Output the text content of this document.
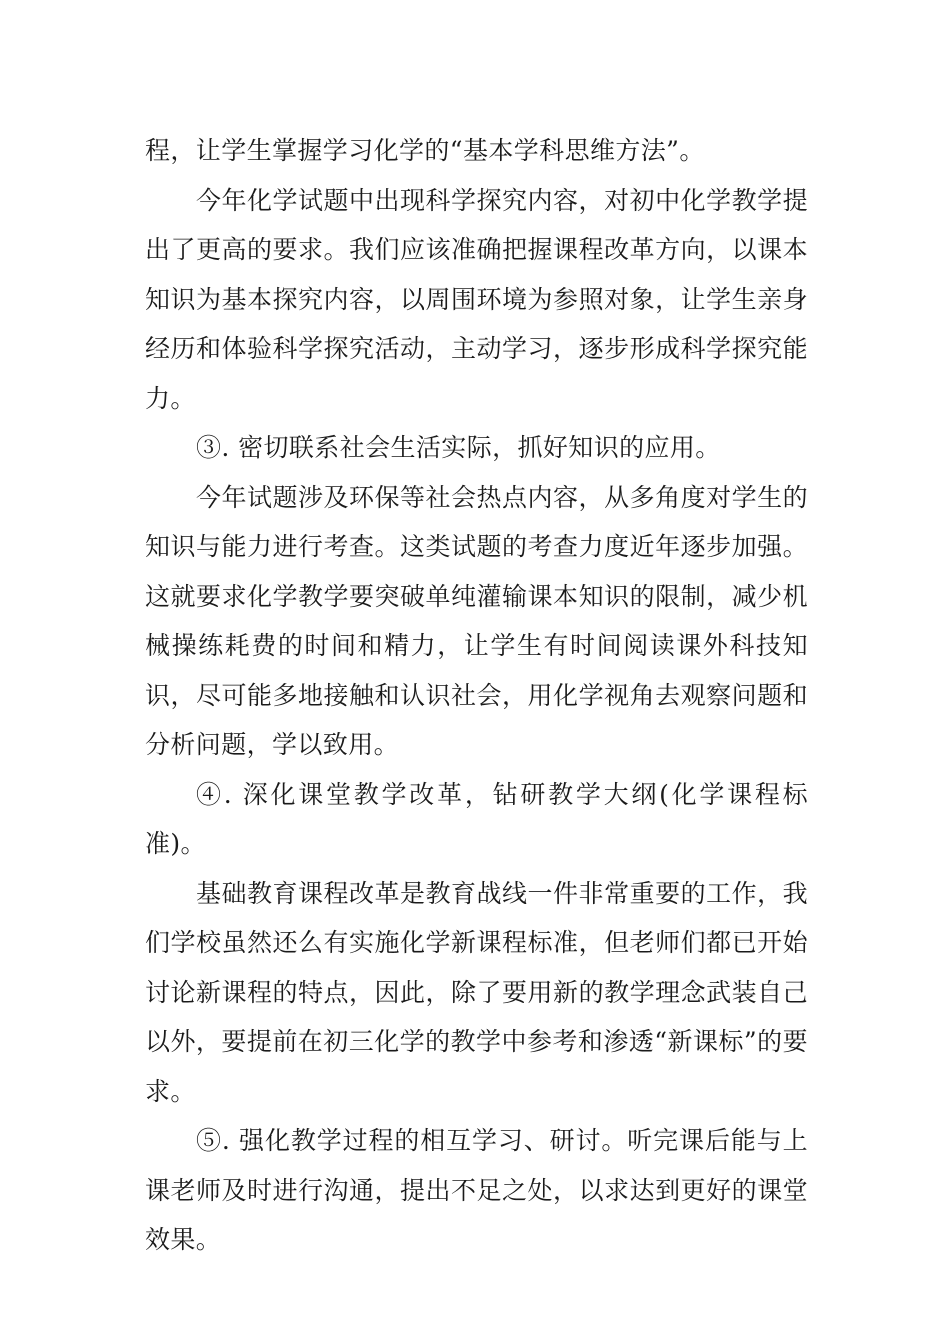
程，让学生掌握学习化学的“基本学科思维方法”。

今年化学试题中出现科学探究内容，对初中化学教学提出了更高的要求。我们应该准确把握课程改革方向，以课本知识为基本探究内容，以周围环境为参照对象，让学生亲身经历和体验科学探究活动，主动学习，逐步形成科学探究能力。

③. 密切联系社会生活实际，抓好知识的应用。

今年试题涉及环保等社会热点内容，从多角度对学生的知识与能力进行考查。这类试题的考查力度近年逐步加强。这就要求化学教学要突破单纯灌输课本知识的限制，减少机械操练耗费的时间和精力，让学生有时间阅读课外科技知识，尽可能多地接触和认识社会，用化学视角去观察问题和分析问题，学以致用。

④. 深化课堂教学改革，钻研教学大纲(化学课程标准)。

基础教育课程改革是教育战线一件非常重要的工作，我们学校虽然还么有实施化学新课程标准，但老师们都已开始讨论新课程的特点，因此，除了要用新的教学理念武装自己以外，要提前在初三化学的教学中参考和渗透“新课标”的要求。

⑤. 强化教学过程的相互学习、研讨。听完课后能与上课老师及时进行沟通，提出不足之处，以求达到更好的课堂效果。
